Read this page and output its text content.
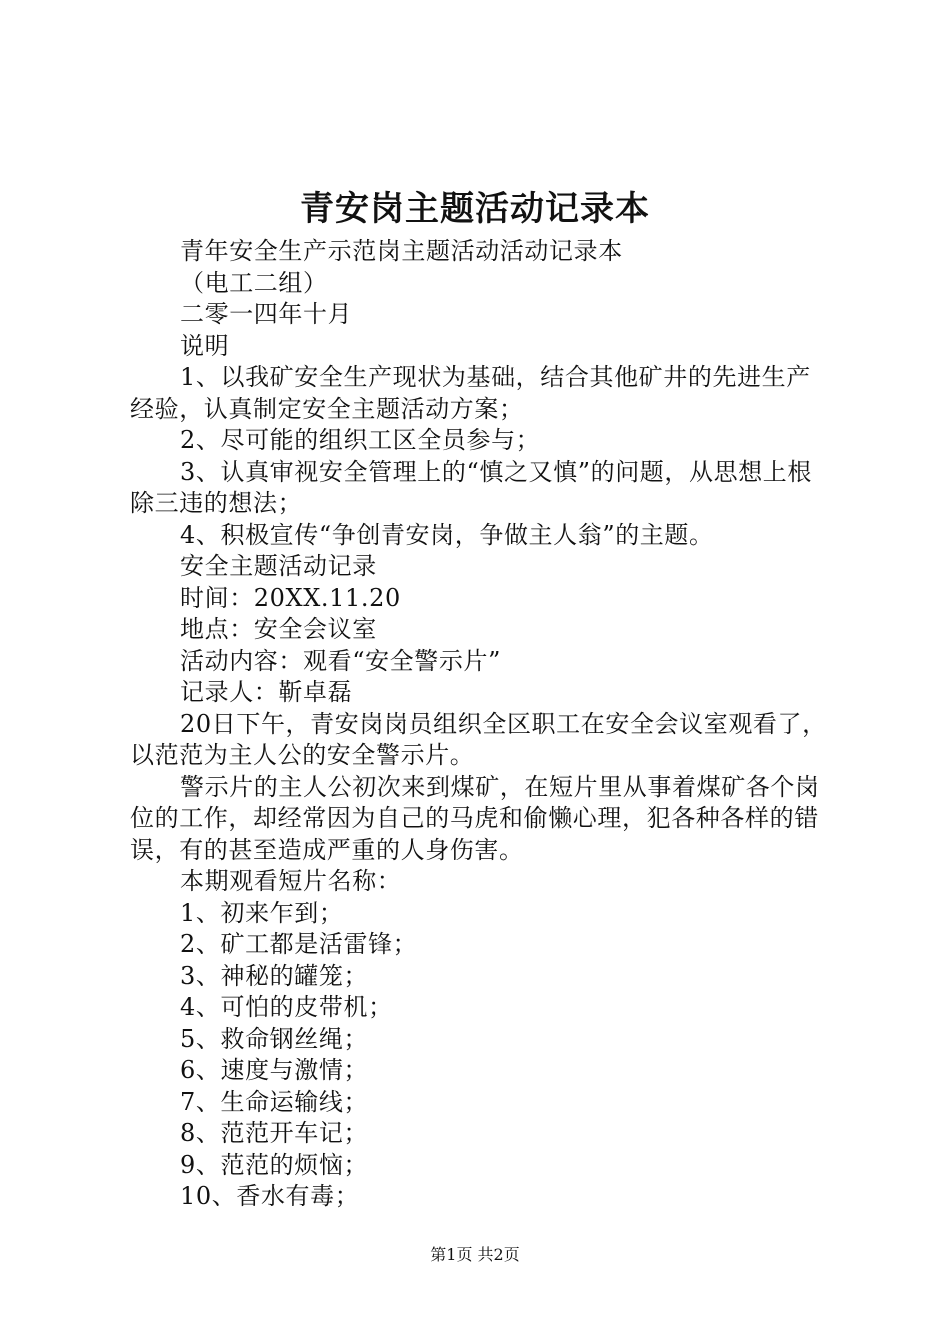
青安岗主题活动记录本

青年安全生产示范岗主题活动活动记录本

（电工二组）

二零一四年十月

说明

1、以我矿安全生产现状为基础，结合其他矿井的先进生产经验，认真制定安全主题活动方案；

2、尽可能的组织工区全员参与；

3、认真审视安全管理上的“慎之又慎”的问题，从思想上根除三违的想法；

4、积极宣传“争创青安岗，争做主人翁”的主题。

安全主题活动记录

时间：20XX.11.20

地点：安全会议室

活动内容：观看“安全警示片”

记录人：靳卓磊

20日下午，青安岗岗员组织全区职工在安全会议室观看了，以范范为主人公的安全警示片。

警示片的主人公初次来到煤矿，在短片里从事着煤矿各个岗位的工作，却经常因为自己的马虎和偷懒心理，犯各种各样的错误，有的甚至造成严重的人身伤害。

本期观看短片名称：

1、初来乍到；

2、矿工都是活雷锋；

3、神秘的罐笼；

4、可怕的皮带机；

5、救命钢丝绳；

6、速度与激情；

7、生命运输线；

8、范范开车记；

9、范范的烦恼；

10、香水有毒；

第1页 共2页
